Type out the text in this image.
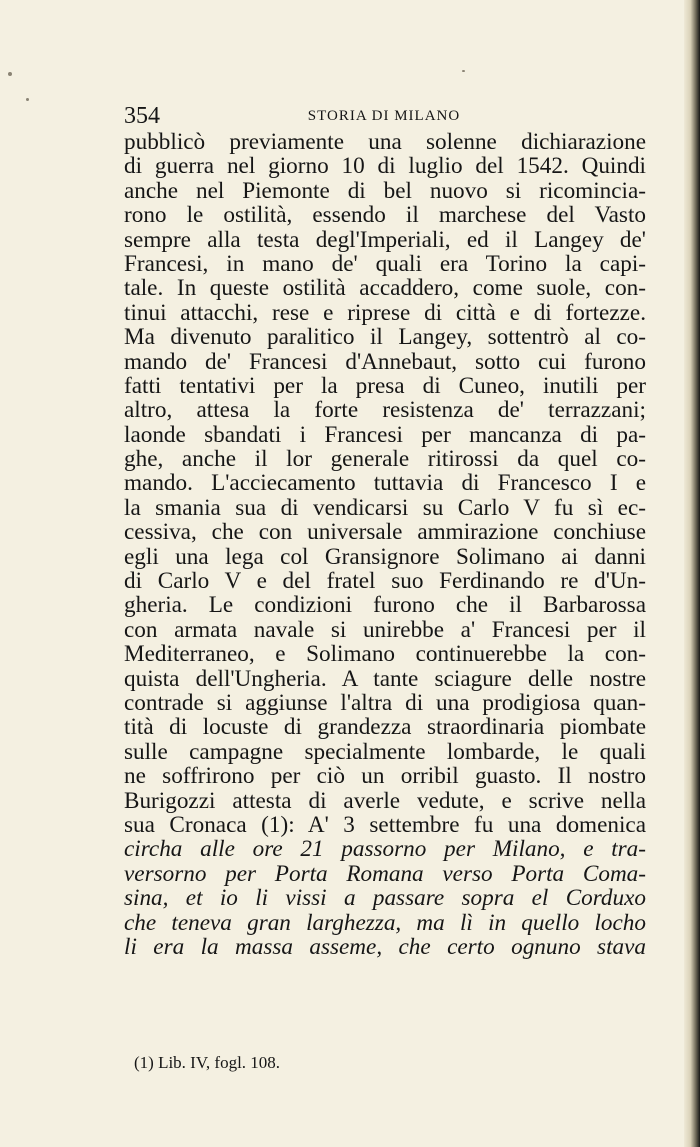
354	STORIA DI MILANO
pubblicò previamente una solenne dichiarazione
di guerra nel giorno 10 di luglio del 1542. Quindi
anche nel Piemonte di bel nuovo si ricomincia-
rono le ostilità, essendo il marchese del Vasto
sempre alla testa degl'Imperiali, ed il Langey de'
Francesi, in mano de' quali era Torino la capi-
tale. In queste ostilità accaddero, come suole, con-
tinui attacchi, rese e riprese di città e di fortezze.
Ma divenuto paralitico il Langey, sottentrò al co-
mando de' Francesi d'Annebaut, sotto cui furono
fatti tentativi per la presa di Cuneo, inutili per
altro, attesa la forte resistenza de' terrazzani;
laonde sbandati i Francesi per mancanza di pa-
ghe, anche il lor generale ritirossi da quel co-
mando. L'acciecamento tuttavia di Francesco I e
la smania sua di vendicarsi su Carlo V fu sì ec-
cessiva, che con universale ammirazione conchiuse
egli una lega col Gransignore Solimano ai danni
di Carlo V e del fratel suo Ferdinando re d'Un-
gheria. Le condizioni furono che il Barbarossa
con armata navale si unirebbe a' Francesi per il
Mediterraneo, e Solimano continuerebbe la con-
quista dell'Ungheria. A tante sciagure delle nostre
contrade si aggiunse l'altra di una prodigiosa quan-
tità di locuste di grandezza straordinaria piombate
sulle campagne specialmente lombarde, le quali
ne soffrirono per ciò un orribil guasto. Il nostro
Burigozzi attesta di averle vedute, e scrive nella
sua Cronaca (1): A' 3 settembre fu una domenica
circha alle ore 21 passorno per Milano, e tra-
versorno per Porta Romana verso Porta Coma-
sina, et io li vissi a passare sopra el Corduxo
che teneva gran larghezza, ma lì in quello locho
li era la massa asseme, che certo ognuno stava
(1) Lib. IV, fogl. 108.
